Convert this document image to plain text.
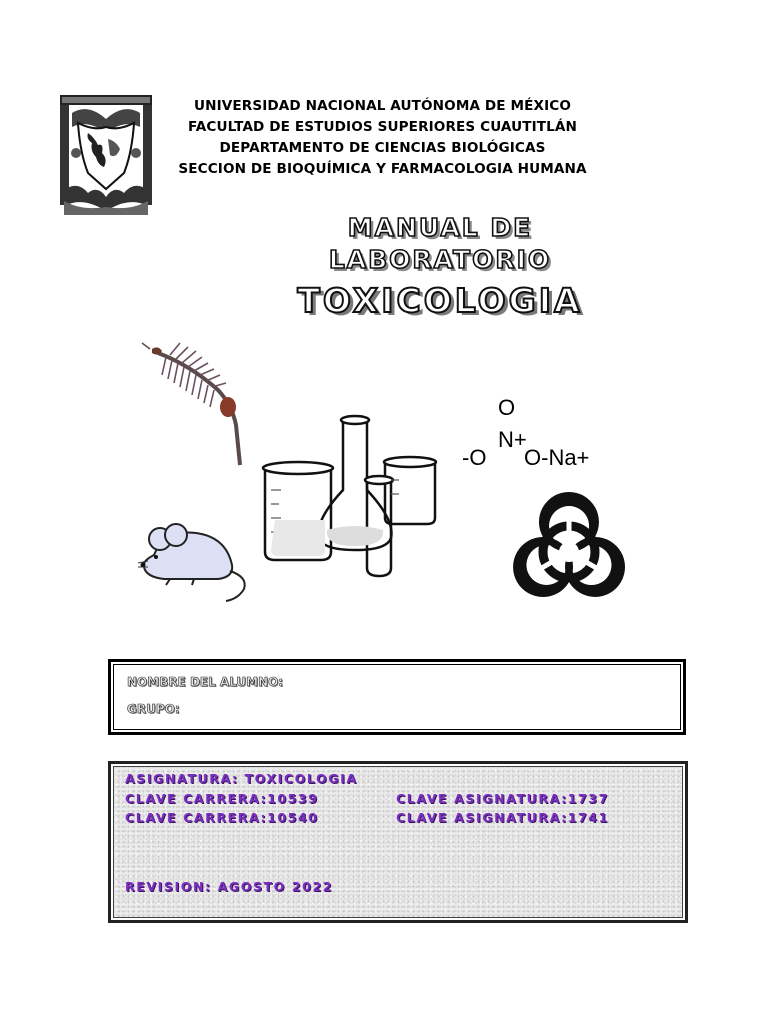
UNIVERSIDAD NACIONAL AUTÓNOMA DE MÉXICO
FACULTAD DE ESTUDIOS SUPERIORES CUAUTITLÁN
DEPARTAMENTO DE CIENCIAS BIOLÓGICAS
SECCION DE BIOQUÍMICA Y FARMACOLOGIA HUMANA
MANUAL DE
LABORATORIO
TOXICOLOGIA
O
N+
-O O-Na+
NOMBRE DEL ALUMNO:
GRUPO:
ASIGNATURA: TOXICOLOGIA
CLAVE CARRERA:10539	CLAVE ASIGNATURA:1737
CLAVE CARRERA:10540	CLAVE ASIGNATURA:1741
REVISION: AGOSTO 2022
